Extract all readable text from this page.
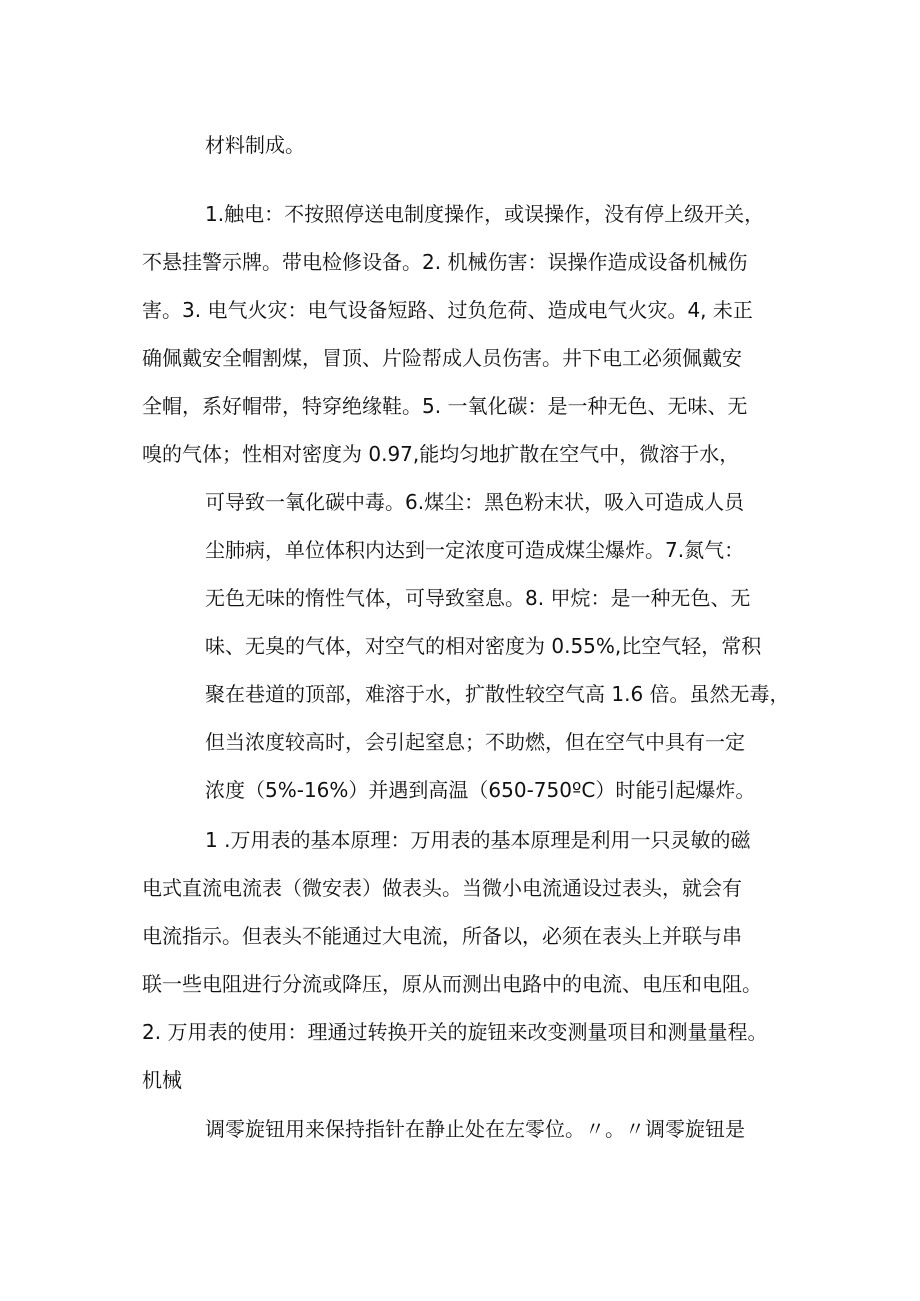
材料制成。

1.触电：不按照停送电制度操作，或误操作，没有停上级开关，

不悬挂警示牌。带电检修设备。2. 机械伤害：误操作造成设备机械伤

害。3. 电气火灾：电气设备短路、过负危荷、造成电气火灾。4, 未正

确佩戴安全帽割煤，冒顶、片险帮成人员伤害。井下电工必须佩戴安

全帽，系好帽带，特穿绝缘鞋。5. 一氧化碳：是一种无色、无味、无

嗅的气体；性相对密度为 0.97,能均匀地扩散在空气中，微溶于水，

可导致一氧化碳中毒。6.煤尘：黑色粉末状，吸入可造成人员

尘肺病，单位体积内达到一定浓度可造成煤尘爆炸。7.氮气：

无色无味的惰性气体，可导致窒息。8. 甲烷：是一种无色、无

味、无臭的气体，对空气的相对密度为 0.55%,比空气轻，常积

聚在巷道的顶部，难溶于水，扩散性较空气高 1.6 倍。虽然无毒，

但当浓度较高时，会引起窒息；不助燃，但在空气中具有一定

浓度（5%-16%）并遇到高温（650-750ºC）时能引起爆炸。

1 .万用表的基本原理：万用表的基本原理是利用一只灵敏的磁

电式直流电流表（微安表）做表头。当微小电流通设过表头，就会有

电流指示。但表头不能通过大电流，所备以，必须在表头上并联与串

联一些电阻进行分流或降压，原从而测出电路中的电流、电压和电阻。

2. 万用表的使用：理通过转换开关的旋钮来改变测量项目和测量量程。

机械

调零旋钮用来保持指针在静止处在左零位。〃。〃调零旋钮是
